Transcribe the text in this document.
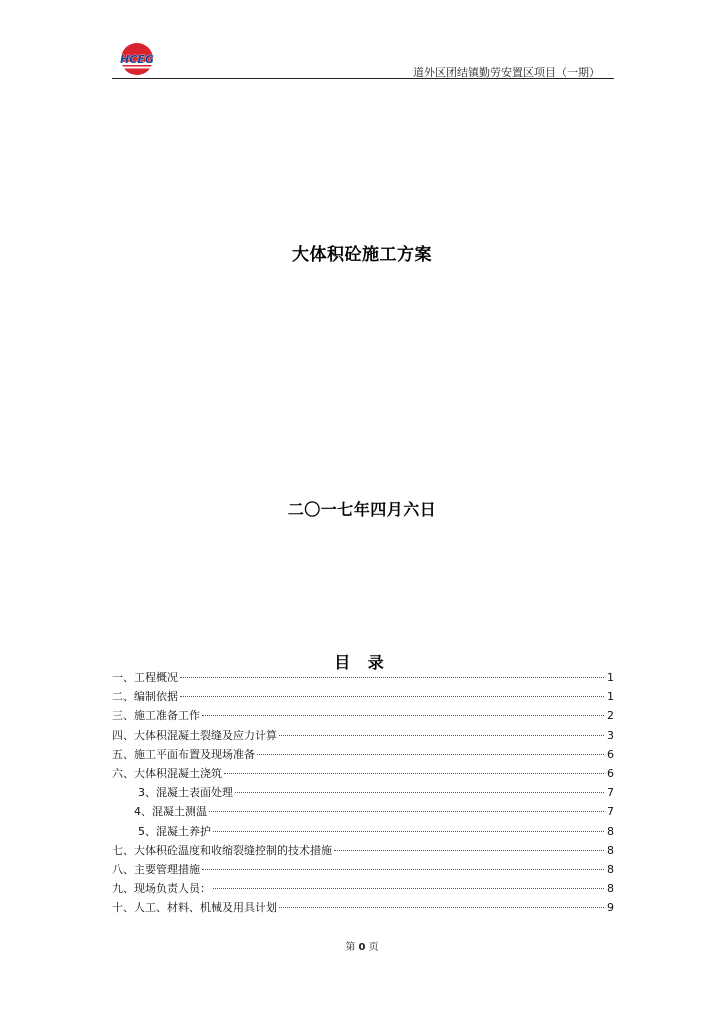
HCEG
道外区团结镇勤劳安置区项目（一期）
大体积砼施工方案
二〇一七年四月六日
目 录
一、工程概况	1
二、编制依据	1
三、施工准备工作	2
四、大体积混凝土裂缝及应力计算	3
五、施工平面布置及现场准备	6
六、大体积混凝土浇筑	6
3、混凝土表面处理	7
4、混凝土测温	7
5、混凝土养护	8
七、大体积砼温度和收缩裂缝控制的技术措施	8
八、主要管理措施	8
九、现场负责人员：	8
十、人工、材料、机械及用具计划	9
第 0 页
